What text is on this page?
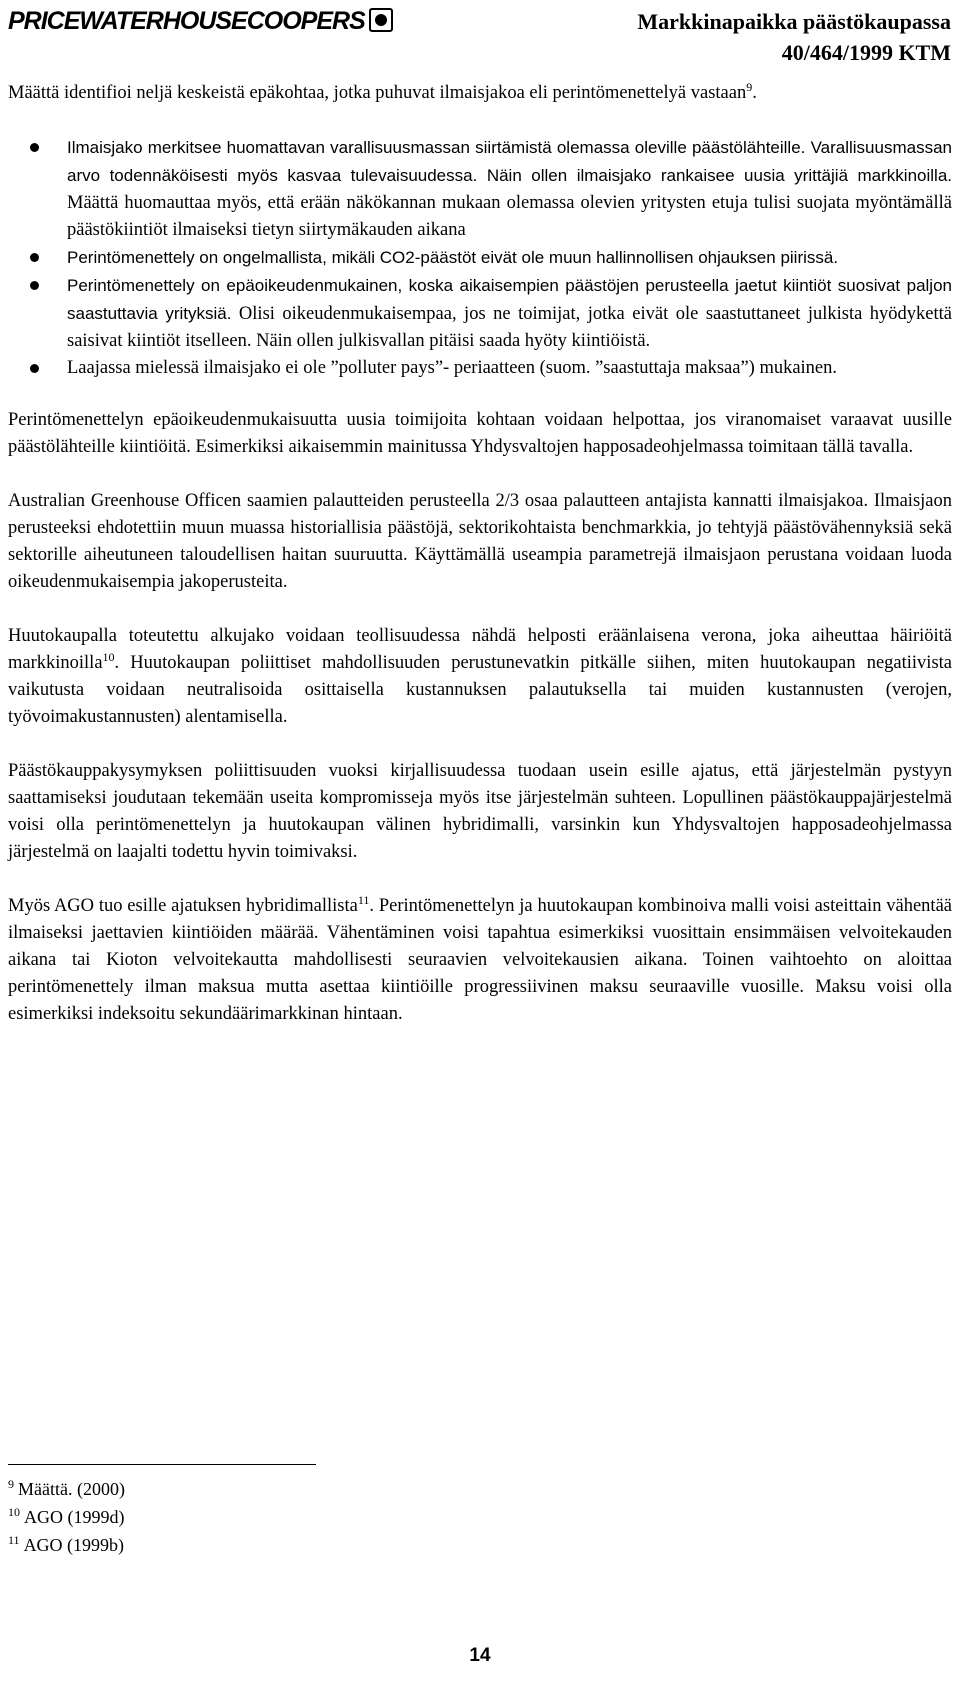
PRICEWATERHOUSECOOPERS	Markkinapaikka päästökaupassa
40/464/1999 KTM

Määttä identifioi neljä keskeistä epäkohtaa, jotka puhuvat ilmaisjakoa eli perintömenettelyä vastaan$^9$.

Ilmaisjako merkitsee huomattavan varallisuusmassan siirtämistä olemassa oleville päästölähteille. Varallisuusmassan arvo todennäköisesti myös kasvaa tulevaisuudessa. Näin ollen ilmaisjako rankaisee uusia yrittäjiä markkinoilla. Määttä huomauttaa myös, että erään näkökannan mukaan olemassa olevien yritysten etuja tulisi suojata myöntämällä päästökiintiöt ilmaiseksi tietyn siirtymäkauden aikana
Perintömenettely on ongelmallista, mikäli CO2-päästöt eivät ole muun hallinnollisen ohjauksen piirissä.
Perintömenettely on epäoikeudenmukainen, koska aikaisempien päästöjen perusteella jaetut kiintiöt suosivat paljon saastuttavia yrityksiä. Olisi oikeudenmukaisempaa, jos ne toimijat, jotka eivät ole saastuttaneet julkista hyödykettä saisivat kiintiöt itselleen. Näin ollen julkisvallan pitäisi saada hyöty kiintiöistä.
Laajassa mielessä ilmaisjako ei ole ”polluter pays”- periaatteen (suom. ”saastuttaja maksaa”) mukainen.

Perintömenettelyn epäoikeudenmukaisuutta uusia toimijoita kohtaan voidaan helpottaa, jos viranomaiset varaavat uusille päästölähteille kiintiöitä. Esimerkiksi aikaisemmin mainitussa Yhdysvaltojen happosadeohjelmassa toimitaan tällä tavalla.

Australian Greenhouse Officen saamien palautteiden perusteella 2/3 osaa palautteen antajista kannatti ilmaisjakoa. Ilmaisjaon perusteeksi ehdotettiin muun muassa historiallisia päästöjä, sektorikohtaista benchmarkkia, jo tehtyjä päästövähennyksiä sekä sektorille aiheutuneen taloudellisen haitan suuruutta. Käyttämällä useampia parametrejä ilmaisjaon perustana voidaan luoda oikeudenmukaisempia jakoperusteita.

Huutokaupalla toteutettu alkujako voidaan teollisuudessa nähdä helposti eräänlaisena verona, joka aiheuttaa häiriöitä markkinoilla$^{10}$. Huutokaupan poliittiset mahdollisuuden perustunevatkin pitkälle siihen, miten huutokaupan negatiivista vaikutusta voidaan neutralisoida osittaisella kustannuksen palautuksella tai muiden kustannusten (verojen, työvoimakustannusten) alentamisella.

Päästökauppakysymyksen poliittisuuden vuoksi kirjallisuudessa tuodaan usein esille ajatus, että järjestelmän pystyyn saattamiseksi joudutaan tekemään useita kompromisseja myös itse järjestelmän suhteen. Lopullinen päästökauppajärjestelmä voisi olla perintömenettelyn ja huutokaupan välinen hybridimalli, varsinkin kun Yhdysvaltojen happosadeohjelmassa järjestelmä on laajalti todettu hyvin toimivaksi.

Myös AGO tuo esille ajatuksen hybridimallista$^{11}$. Perintömenettelyn ja huutokaupan kombinoiva malli voisi asteittain vähentää ilmaiseksi jaettavien kiintiöiden määrää. Vähentäminen voisi tapahtua esimerkiksi vuosittain ensimmäisen velvoitekauden aikana tai Kioton velvoitekautta mahdollisesti seuraavien velvoitekausien aikana. Toinen vaihtoehto on aloittaa perintömenettely ilman maksua mutta asettaa kiintiöille progressiivinen maksu seuraaville vuosille. Maksu voisi olla esimerkiksi indeksoitu sekundäärimarkkinan hintaan.

$^9$ Määttä. (2000)
$^{10}$ AGO (1999d)
$^{11}$ AGO (1999b)
14
